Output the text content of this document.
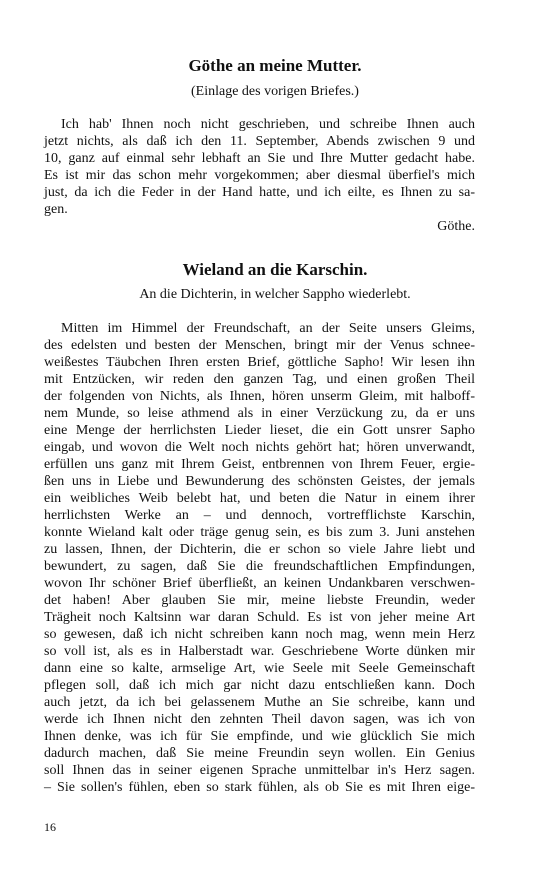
Göthe an meine Mutter.

(Einlage des vorigen Briefes.)

Ich hab' Ihnen noch nicht geschrieben, und schreibe Ihnen auch
jetzt nichts, als daß ich den 11. September, Abends zwischen 9 und
10, ganz auf einmal sehr lebhaft an Sie und Ihre Mutter gedacht habe.
Es ist mir das schon mehr vorgekommen; aber diesmal überfiel's mich
just, da ich die Feder in der Hand hatte, und ich eilte, es Ihnen zu sa-
gen.

Göthe.

Wieland an die Karschin.

An die Dichterin, in welcher Sappho wiederlebt.

Mitten im Himmel der Freundschaft, an der Seite unsers Gleims,
des edelsten und besten der Menschen, bringt mir der Venus schnee-
weißestes Täubchen Ihren ersten Brief, göttliche Sapho! Wir lesen ihn
mit Entzücken, wir reden den ganzen Tag, und einen großen Theil
der folgenden von Nichts, als Ihnen, hören unserm Gleim, mit halboff-
nem Munde, so leise athmend als in einer Verzückung zu, da er uns
eine Menge der herrlichsten Lieder lieset, die ein Gott unsrer Sapho
eingab, und wovon die Welt noch nichts gehört hat; hören unverwandt,
erfüllen uns ganz mit Ihrem Geist, entbrennen von Ihrem Feuer, ergie-
ßen uns in Liebe und Bewunderung des schönsten Geistes, der jemals
ein weibliches Weib belebt hat, und beten die Natur in einem ihrer
herrlichsten Werke an – und dennoch, vortrefflichste Karschin,
konnte Wieland kalt oder träge genug sein, es bis zum 3. Juni anstehen
zu lassen, Ihnen, der Dichterin, die er schon so viele Jahre liebt und
bewundert, zu sagen, daß Sie die freundschaftlichen Empfindungen,
wovon Ihr schöner Brief überfließt, an keinen Undankbaren verschwen-
det haben! Aber glauben Sie mir, meine liebste Freundin, weder
Trägheit noch Kaltsinn war daran Schuld. Es ist von jeher meine Art
so gewesen, daß ich nicht schreiben kann noch mag, wenn mein Herz
so voll ist, als es in Halberstadt war. Geschriebene Worte dünken mir
dann eine so kalte, armselige Art, wie Seele mit Seele Gemeinschaft
pflegen soll, daß ich mich gar nicht dazu entschließen kann. Doch
auch jetzt, da ich bei gelassenem Muthe an Sie schreibe, kann und
werde ich Ihnen nicht den zehnten Theil davon sagen, was ich von
Ihnen denke, was ich für Sie empfinde, und wie glücklich Sie mich
dadurch machen, daß Sie meine Freundin seyn wollen. Ein Genius
soll Ihnen das in seiner eigenen Sprache unmittelbar in's Herz sagen.
– Sie sollen's fühlen, eben so stark fühlen, als ob Sie es mit Ihren eige-

16
